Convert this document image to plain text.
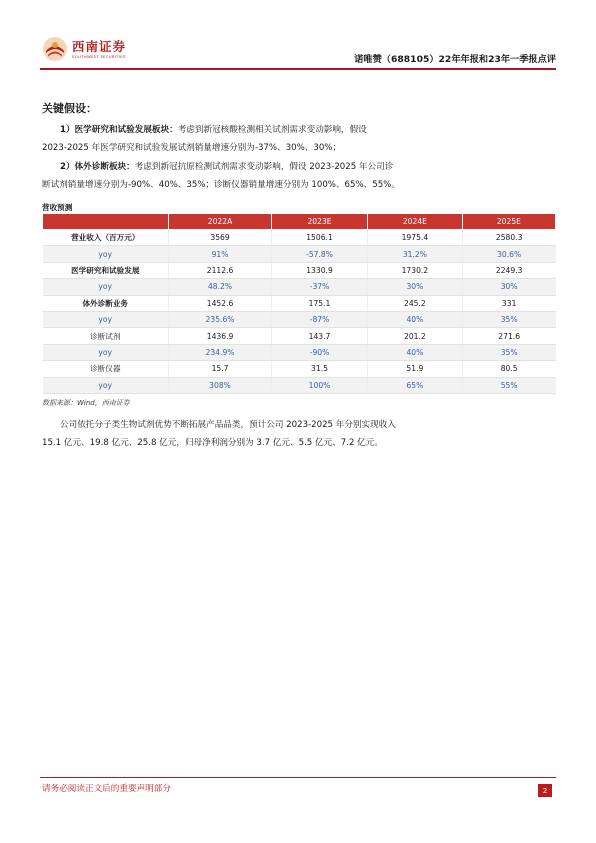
西南证券
SOUTHWEST SECURITIES	诺唯赞（688105）22年年报和23年一季报点评
关键假设：
1）医学研究和试验发展板块：考虑到新冠核酸检测相关试剂需求变动影响，假设
2023-2025 年医学研究和试验发展试剂销量增速分别为-37%、30%、30%；
2）体外诊断板块：考虑到新冠抗原检测试剂需求变动影响，假设 2023-2025 年公司诊
断试剂销量增速分别为-90%、40%、35%；诊断仪器销量增速分别为 100%、65%、55%。
营收预测
	2022A	2023E	2024E	2025E
营业收入（百万元）	3569	1506.1	1975.4	2580.3
yoy	91%	-57.8%	31.2%	30.6%
医学研究和试验发展	2112.6	1330.9	1730.2	2249.3
yoy	48.2%	-37%	30%	30%
体外诊断业务	1452.6	175.1	245.2	331
yoy	235.6%	-87%	40%	35%
诊断试剂	1436.9	143.7	201.2	271.6
yoy	234.9%	-90%	40%	35%
诊断仪器	15.7	31.5	51.9	80.5
yoy	308%	100%	65%	55%
数据来源：Wind，西南证券
公司依托分子类生物试剂优势不断拓展产品品类，预计公司 2023-2025 年分别实现收入
15.1 亿元、19.8 亿元、25.8 亿元，归母净利润分别为 3.7 亿元、5.5 亿元、7.2 亿元。
请务必阅读正文后的重要声明部分	2
